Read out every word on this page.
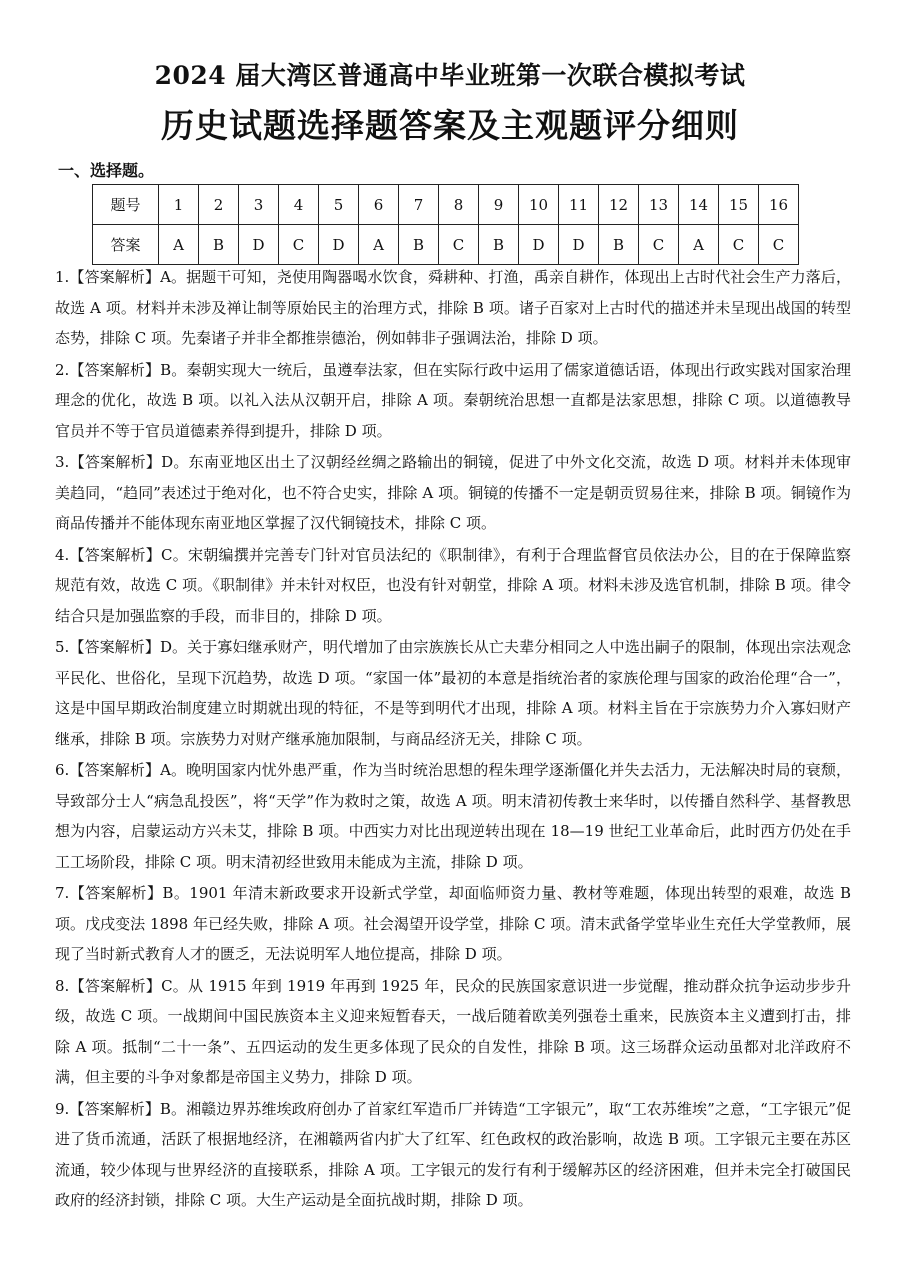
2024 届大湾区普通高中毕业班第一次联合模拟考试
历史试题选择题答案及主观题评分细则
一、选择题。
题号	1	2	3	4	5	6	7	8	9	10	11	12	13	14	15	16
答案	A	B	D	C	D	A	B	C	B	D	D	B	C	A	C	C

1.【答案解析】A。据题干可知，尧使用陶器喝水饮食，舜耕种、打渔，禹亲自耕作，体现出上古时代社会生产力落后，故选 A 项。材料并未涉及禅让制等原始民主的治理方式，排除 B 项。诸子百家对上古时代的描述并未呈现出战国的转型态势，排除 C 项。先秦诸子并非全都推崇德治，例如韩非子强调法治，排除 D 项。

2.【答案解析】B。秦朝实现大一统后，虽遵奉法家，但在实际行政中运用了儒家道德话语，体现出行政实践对国家治理理念的优化，故选 B 项。以礼入法从汉朝开启，排除 A 项。秦朝统治思想一直都是法家思想，排除 C 项。以道德教导官员并不等于官员道德素养得到提升，排除 D 项。

3.【答案解析】D。东南亚地区出土了汉朝经丝绸之路输出的铜镜，促进了中外文化交流，故选 D 项。材料并未体现审美趋同，“趋同”表述过于绝对化，也不符合史实，排除 A 项。铜镜的传播不一定是朝贡贸易往来，排除 B 项。铜镜作为商品传播并不能体现东南亚地区掌握了汉代铜镜技术，排除 C 项。

4.【答案解析】C。宋朝编撰并完善专门针对官员法纪的《职制律》，有利于合理监督官员依法办公，目的在于保障监察规范有效，故选 C 项。《职制律》并未针对权臣，也没有针对朝堂，排除 A 项。材料未涉及选官机制，排除 B 项。律令结合只是加强监察的手段，而非目的，排除 D 项。

5.【答案解析】D。关于寡妇继承财产，明代增加了由宗族族长从亡夫辈分相同之人中选出嗣子的限制，体现出宗法观念平民化、世俗化，呈现下沉趋势，故选 D 项。“家国一体”最初的本意是指统治者的家族伦理与国家的政治伦理“合一”，这是中国早期政治制度建立时期就出现的特征，不是等到明代才出现，排除 A 项。材料主旨在于宗族势力介入寡妇财产继承，排除 B 项。宗族势力对财产继承施加限制，与商品经济无关，排除 C 项。

6.【答案解析】A。晚明国家内忧外患严重，作为当时统治思想的程朱理学逐渐僵化并失去活力，无法解决时局的衰颓，导致部分士人“病急乱投医”，将“天学”作为救时之策，故选 A 项。明末清初传教士来华时，以传播自然科学、基督教思想为内容，启蒙运动方兴未艾，排除 B 项。中西实力对比出现逆转出现在 18—19 世纪工业革命后，此时西方仍处在手工工场阶段，排除 C 项。明末清初经世致用未能成为主流，排除 D 项。

7.【答案解析】B。1901 年清末新政要求开设新式学堂，却面临师资力量、教材等难题，体现出转型的艰难，故选 B 项。戊戌变法 1898 年已经失败，排除 A 项。社会渴望开设学堂，排除 C 项。清末武备学堂毕业生充任大学堂教师，展现了当时新式教育人才的匮乏，无法说明军人地位提高，排除 D 项。

8.【答案解析】C。从 1915 年到 1919 年再到 1925 年，民众的民族国家意识进一步觉醒，推动群众抗争运动步步升级，故选 C 项。一战期间中国民族资本主义迎来短暂春天，一战后随着欧美列强卷土重来，民族资本主义遭到打击，排除 A 项。抵制“二十一条”、五四运动的发生更多体现了民众的自发性，排除 B 项。这三场群众运动虽都对北洋政府不满，但主要的斗争对象都是帝国主义势力，排除 D 项。

9.【答案解析】B。湘赣边界苏维埃政府创办了首家红军造币厂并铸造“工字银元”，取“工农苏维埃”之意，“工字银元”促进了货币流通，活跃了根据地经济，在湘赣两省内扩大了红军、红色政权的政治影响，故选 B 项。工字银元主要在苏区流通，较少体现与世界经济的直接联系，排除 A 项。工字银元的发行有利于缓解苏区的经济困难，但并未完全打破国民政府的经济封锁，排除 C 项。大生产运动是全面抗战时期，排除 D 项。
